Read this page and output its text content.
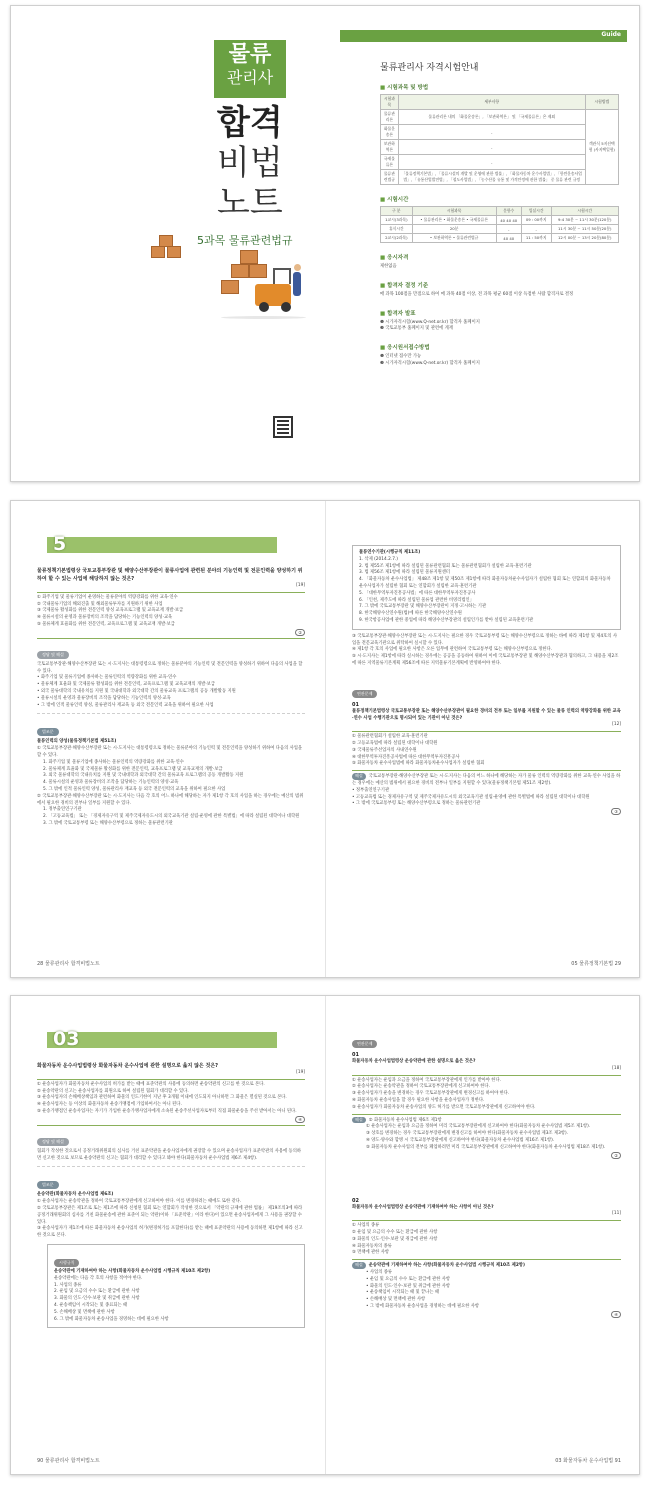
물류
관리사
합격
비법
노트
5과목 물류관련법규
Guide
물류관리사 자격시험안내
■ 시험과목 및 방법
시험과목	세부사항	시험방법
물류관리론	물류관리론 내의 「화물운송론」, 「보관하역론」 및 「국제물류론」은 제외	객관식 5지선택형 (사지택일형)
화물운송론	-	
보관하역론	-	
국제물류론	-	
물류관련법규	「물류정책기본법」, 「물류시설의 개발 및 운영에 관한 법률」, 「화물자동차 운수사업법」, 「항만운송사업법」, 「유통산업발전법」, 「철도사업법」, 「농수산물 유통 및 가격안정에 관한 법률」 중 물류 관련 규정	
■ 시험시간
구 분	시험과목	문항수	입실시간	시험시간
1교시(3과목)	• 물류관리론 • 화물운송론 • 국제물류론	40 40 40	09 : 00까지	9:4 30분 ~ 11시 30분(120분)
휴식시간	20분	-	-	11시 30분 ~ 11시 50분(20분)
2교시(2과목)	• 보관하역론 • 물류관련법규	40 40	11 : 50까지	12시 00분 ~ 13시 20분(80분)
■ 응시자격
제한없음
■ 합격자 결정 기준
매 과목 100점을 만점으로 하여 매 과목 40점 이상, 전 과목 평균 60점 이상 득점한 사람 합격자로 결정
■ 합격자 발표
❶ 시가자격시험(www.Q-net.or.kr) 합격자 홈페이지
❷ 국토교통부 홈페이지 및 관련에 게재
■ 응시원서접수방법
❶ 인터넷 접수만 가능
❷ 시가자격시험(www.Q-net.or.kr) 합격자 홈페이지
5
물류정책기본법령상 국토교통부장관 및 해양수산부장관이 물류사업에 관련된 분야의 기능인력 및 전문인력을 양성하기 위하여 할 수 있는 사업에 해당하지 않는 것은?
[19]
① 화주기업 및 물류기업이 운영하는 물류분야의 역량강화를 위한 교육·연수
② 국내물류기업의 해외진출 및 해외물류투자를 지원하기 위한 사업
③ 국제물류 활성화를 위한 전문인력 양성 교육프로그램 및 교육교재 개발·보급
④ 물류시설의 운영과 물류장비의 조작을 담당하는 기능인력의 양성·교육
⑤ 물류체계 효율화를 위한 전문인력, 교육프로그램 및 교육교재 개발·보급
②
정답 및 해설
국토교통부장관·해양수산부장관 또는 시·도지사는 대통령령으로 정하는 물류분야의 기능인력 및 전문인력을 양성하기 위하여 다음의 사업을 할 수 있다.
• 화주기업 및 물류기업에 종사하는 물류인력의 역량강화를 위한 교육·연수
• 물류체계 효율화 및 국제물류 활성화를 위한 전문인력, 교육프로그램 및 교육교재의 개발·보급
• 외국 물류대학의 국내유치를 지원 및 국내대학과 외국대학 간의 물류교육 프로그램의 공동 개발활동 지원
• 물류시설의 운영과 물류장비의 조작을 담당하는 기능인력의 양성·교육
• 그 밖에 인적 물류인력 양성, 물류관리사 재교육 등 외국 전문인력 교육을 위하여 필요한 사업
법조문
물류인력의 양성(물류정책기본법 제51조)
① 국토교통부장관·해양수산부장관 또는 시·도지사는 대통령령으로 정하는 물류분야의 기능인력 및 전문인력을 양성하기 위하여 다음의 사업을 할 수 있다.
1. 화주기업 및 물류기업에 종사하는 물류인력의 역량강화를 위한 교육·연수
2. 물류체계 효율화 및 국제물류 활성화를 위한 전문인력, 교육프로그램 및 교육교재의 개발·보급
3. 외국 물류대학의 국내유치를 지원 및 국내대학과 외국대학 간의 물류교육 프로그램의 공동 개발활동 지원
4. 물류시설의 운영과 물류장비의 조작을 담당하는 기능인력의 양성·교육
5. 그 밖에 인적 물류인력 양성, 물류관리사 재교육 등 외국 전문인력의 교육을 위하여 필요한 사업
② 국토교통부장관·해양수산부장관 또는 시·도지사는 다음 각 호의 어느 하나에 해당하는 자가 제1항 각 호의 사업을 하는 경우에는 예산의 범위에서 필요한 경비의 전부나 일부를 지원할 수 있다.
1. 정부출연연구기관
2. 「고등교육법」 또는 「경제자유구역 및 제주국제자유도시의 외국교육기관 설립·운영에 관한 특별법」에 따라 설립된 대학이나 대학원
3. 그 밖에 국토교통부령 또는 해양수산부령으로 정하는 물류관련기관
28 물류관리사 합격비법노트
물류연수기관(시행규칙 제11조)
1. 삭제 (2014.2.7.)
2. 법 제55조 제1항에 따라 설립된 물류관련협회 또는 물류관련협회가 설립한 교육·훈련기관
3. 법 제56조 제1항에 따라 설립된 물류지원센터
4. 「화물자동차 운수사업법」 제48조 제1항 및 제50조 제1항에 따라 화물자동차운수사업자가 설립한 협회 또는 연합회의 화물자동차운수사업자가 설립한 협회 또는 연합회가 설립한 교육·훈련기관
5. 「대한무역투자진흥공사법」에 따른 대한무역투자진흥공사
6. 「인천, 제주도에 따라 설립된 물류업 관련한 비영리법인」
7. 그 밖에 국토교통부장관 및 해양수산부장관이 지정·고시하는 기관
8. 한국해양수산연수원(법)에 따른 한국해양수산연수원
9. 한국항공사업에 관한 중업에 따라 해양수산부장관의 설립인가를 받아 설립된 교육훈련기관
③ 국토교통부장관·해양수산부장관 또는 시·도지사는 필요한 경우 국토교통부령 또는 해양수산부령으로 정하는 바에 따라 제1항 및 제4호의 사업을 전문교육기관으로 위탁하여 실시할 수 있다.
④ 제1항 각 호의 사업에 필요한 사항은 오른 업무에 관련하여 국토교통부령 또는 해양수산부령으로 정한다.
⑤ 시·도지사는 제1항에 따라 실시하는 경우에는 공공을 공동하여 위하여 이에 국토교통부장관 및 해양수산부장관과 협의하고, 그 내용을 제2조에 따른 지역물류기본계획 제56조에 따른 지역물류기본계획에 반영하여야 한다.
연관문제
01
물류정책기본법령상 국토교통부장관 또는 해양수산부장관이 필요한 경비의 전부 또는 일부를 지원할 수 있는 물류 인력의 역량강화를 위한 교육·연수 사업 수행기관으로 명시되어 있는 기관이 아닌 것은?
[12]
① 물류관련협회가 설립한 교육·훈련기관
② 고등교육법에 따라 설립된 대학이나 대학원
③ 국제물류주선업자의 사내연수원
④ 대한무역투자진흥공사법에 따른 대한무역투자진흥공사
⑤ 화물자동차 운수사업법에 따라 화물자동차운수사업자가 설립한 협회
해설 국토교통부장관·해양수산부장관 또는 시·도지사는 다음의 어느 하나에 해당하는 자가 물류 인력의 역량강화를 위한 교육·연수 사업을 하는 경우에는 예산의 범위에서 필요한 경비의 전부나 일부를 지원할 수 있다(물류정책기본법 제51조 제2항).
• 정부출연연구기관
• 고등교육법 또는 경제자유구역 및 제주국제자유도시의 외국교육기관 설립·운영에 관한 특별법에 따라 설립된 대학이나 대학원
• 그 밖에 국토교통부령 또는 해양수산부령으로 정하는 물류관련기관
③
05 물류정책기본법 29
03
화물자동차 운수사업법령상 화물자동차 운수사업에 관한 설명으로 옳지 않은 것은?
[19]
① 운송사업자가 화물자동차 운수사업의 허가를 받는 때에 표준약관의 사용에 동의하면 운송약관의 신고를 한 것으로 본다.
② 운송약관의 신고는 운송사업자를 회원으로 하여 설립된 협회가 대리할 수 있다.
③ 운송사업자의 손해배상책임과 관련하여 화물의 인도기한이 지난 후 3개월 이내에 인도되지 아니하면 그 화물은 멸실된 것으로 본다.
④ 운송사업자는 등 이상의 화물자동차 운송가맹점에 가입하여서는 아니 된다.
⑤ 운송가맹점인 운송사업자는 자기가 가입한 운송가맹사업자에게 소속된 운송주선사업자로부터 직접 화물운송을 주선 받아서는 아니 된다.
④
정답 및 해설
협회가 작성한 것으로서 공정거래위원회의 심사를 거친 표준약관을 운송사업자에게 권장할 수 있으며 운송사업자가 표준약관의 사용에 동의하면 신고한 것으로 보므로 운송약관의 신고는 협회가 대리할 수 있다고 봐야 한다(화물자동차 운수사업법 제6조 제4항).
법조문
운송약관(화물자동차 운수사업법 제6조)
① 운송사업자는 운송약관을 정하여 국토교통부장관에게 신고하여야 한다. 이를 변경하려는 때에도 또한 같다.
② 국토교통부장관은 제1조로 또는 제1조에 따라 신청된 협회 또는 연합회가 작성한 것으로서 「약관의 규제에 관한 법률」 제19조의3에 따라 공정거래위원회의 심사를 거친 화물운송에 관한 표준이 되는 약관(이하 「표준약관」이라 한다)이 있으면 운송사업자에게 그 사용을 권장할 수 있다.
③ 운송사업자가 제1조에 따른 화물자동차 운송사업의 허가(변경허가를 포함한다)를 받는 때에 표준약관의 사용에 동의하면 제1항에 따라 신고한 것으로 본다.
시행규칙
운송약관에 기재하여야 하는 사항(화물자동차 운수사업법 시행규칙 제10조 제2항)
운송약관에는 다음 각 호의 사항을 적어야 한다.
1. 사업의 종류
2. 운임 및 요금의 수수 또는 환급에 관한 사항
3. 화물의 인도·인수·보관 및 취급에 관한 사항
4. 운송책임이 시작되는 및 종료되는 때
5. 손해배상 및 면책에 관한 사항
6. 그 밖에 화물자동차 운송사업을 경영하는 데에 필요한 사항
90 물류관리사 합격비법노트
연관문제
01
화물자동차 운수사업법령상 운송약관에 관한 설명으로 옳은 것은?
[18]
① 운송사업자는 운임과 요금을 정하여 국토교통부장관에게 인가를 받아야 한다.
② 운송사업자는 운송약관을 정하여 국토교통부장관에게 신고하여야 한다.
③ 운송사업자가 운송을 변경하는 경우 국토교통부장관에게 변경신고를 하여야 한다.
④ 화물자동차 운송사업을 할 경우 필요한 사항을 운송사업자가 정한다.
⑤ 운송사업자가 화물자동차 운송사업의 양도 허가를 받으면 국토교통부장관에게 신고하여야 한다.
해설 ② 화물자동차 운수사업법 제6조 제1항
① 운송사업자는 운임과 요금을 정하여 미리 국토교통부장관에게 신고하여야 한다(화물자동차 운수사업법 제5조 제1항).
③ 상호를 변경하는 경우 국토교통부장관에게 변경신고를 하여야 한다(화물자동차 운수사업법 제3조 제3항).
④ 양도·양수와 합병 시 국토교통부장관에게 신고하여야 한다(화물자동차 운수사업법 제16조 제1항).
⑤ 화물자동차 운수사업의 전부를 폐업하려면 미리 국토교통부장관에게 신고하여야 한다(화물자동차 운수사업법 제18조 제1항).
②
02
화물자동차 운수사업법령상 운송약관에 기재하여야 하는 사항이 아닌 것은?
[11]
① 사업의 종류
② 운임 및 요금의 수수 또는 환급에 관한 사항
③ 화물의 인도·인수·보관 및 취급에 관한 사항
④ 화물자동차의 종류
⑤ 면책에 관한 사항
해설 운송약관에 기재하여야 하는 사항(화물자동차 운수사업법 시행규칙 제10조 제2항)
• 사업의 종류
• 운임 및 요금의 수수 또는 환급에 관한 사항
• 화물의 인도·인수·보관 및 취급에 관한 사항
• 운송책임이 시작되는 때 및 끝나는 때
• 손해배상 및 면책에 관한 사항
• 그 밖에 화물자동차 운송사업을 경영하는 데에 필요한 사항
④
03 화물자동차 운수사업법 91
